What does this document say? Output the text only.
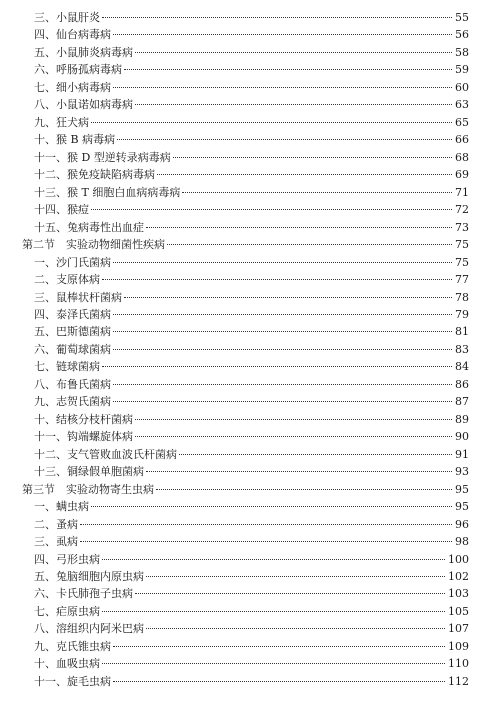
三、小鼠肝炎	55
四、仙台病毒病	56
五、小鼠肺炎病毒病	58
六、呼肠孤病毒病	59
七、细小病毒病	60
八、小鼠诺如病毒病	63
九、狂犬病	65
十、猴 B 病毒病	66
十一、猴 D 型逆转录病毒病	68
十二、猴免疫缺陷病毒病	69
十三、猴 T 细胞白血病病毒病	71
十四、猴痘	72
十五、兔病毒性出血症	73
第二节　实验动物细菌性疾病	75
一、沙门氏菌病	75
二、支原体病	77
三、鼠棒状杆菌病	78
四、泰泽氏菌病	79
五、巴斯德菌病	81
六、葡萄球菌病	83
七、链球菌病	84
八、布鲁氏菌病	86
九、志贺氏菌病	87
十、结核分枝杆菌病	89
十一、钩端螺旋体病	90
十二、支气管败血波氏杆菌病	91
十三、铜绿假单胞菌病	93
第三节　实验动物寄生虫病	95
一、螨虫病	95
二、蚤病	96
三、虱病	98
四、弓形虫病	100
五、兔脑细胞内原虫病	102
六、卡氏肺孢子虫病	103
七、疟原虫病	105
八、溶组织内阿米巴病	107
九、克氏锥虫病	109
十、血吸虫病	110
十一、旋毛虫病	112
